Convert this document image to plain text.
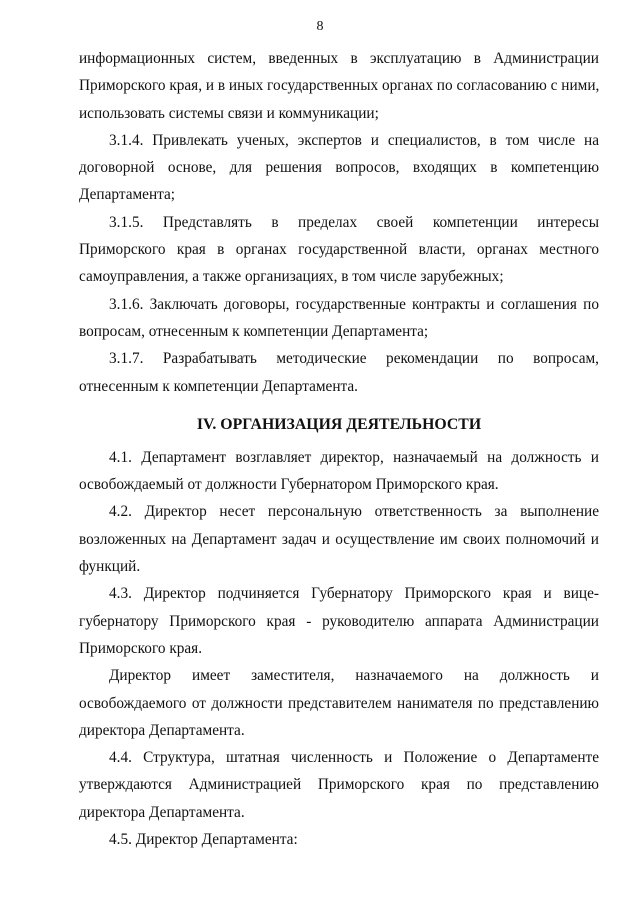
8
информационных систем, введенных в эксплуатацию в Администрации
Приморского края, и в иных государственных органах по согласованию с ними,
использовать системы связи и коммуникации;
3.1.4. Привлекать ученых, экспертов и специалистов, в том числе на
договорной основе, для решения вопросов, входящих в компетенцию
Департамента;
3.1.5. Представлять в пределах своей компетенции интересы
Приморского края в органах государственной власти, органах местного
самоуправления, а также организациях, в том числе зарубежных;
3.1.6. Заключать договоры, государственные контракты и соглашения по
вопросам, отнесенным к компетенции Департамента;
3.1.7. Разрабатывать методические рекомендации по вопросам,
отнесенным к компетенции Департамента.
IV. ОРГАНИЗАЦИЯ ДЕЯТЕЛЬНОСТИ
4.1. Департамент возглавляет директор, назначаемый на должность и
освобождаемый от должности Губернатором Приморского края.
4.2. Директор несет персональную ответственность за выполнение
возложенных на Департамент задач и осуществление им своих полномочий и
функций.
4.3. Директор подчиняется Губернатору Приморского края и вице-
губернатору Приморского края - руководителю аппарата Администрации
Приморского края.
Директор имеет заместителя, назначаемого на должность и
освобождаемого от должности представителем нанимателя по представлению
директора Департамента.
4.4. Структура, штатная численность и Положение о Департаменте
утверждаются Администрацией Приморского края по представлению
директора Департамента.
4.5. Директор Департамента:
